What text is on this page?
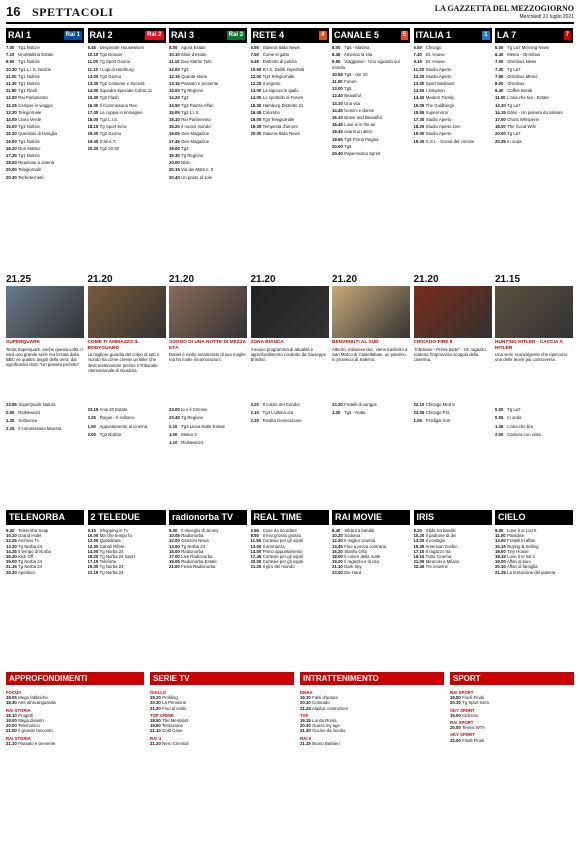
16 SPETTACOLI	LA GAZZETTA DEL MEZZOGIORNO
Mercoledì 21 luglio 2021
RAI 1	Rai 1
7.00 Tg1 Notizie
7.10 UnoMattina Estate
9.50 Tg1 Notizie
10.30 Tg1 L.I.S. Notizie
11.00 Tg1 Notizie
11.30 Tg1 Notizie
11.50 Tg1 Flash
12.00 Rai Parlamento
12.25 Camper in viaggio
13.30 Telegiornale
14.00 Linea Verde
15.00 Tg1 Notizie
15.30 Questioni di famiglia
16.00 Tg1 Notizie
16.20 Don Matteo
17.25 Tg1 Notizie
18.00 Reazione a catena
20.00 Telegiornale
20.30 Techetechetè
21.25
SUPERQUARK
Tenta Superquark, anche questa volta ci sarà uno grande serie rea lizzata dalla BBC ne quattro angoli della terra, dal significativo titolo "Un pianeta perfetto".
23.55 SuperQuark Natura
0.55 RaiNews24
1.25 Sottovoce
2.25 Il commissario Manara
RAI 2	Rai 2
8.45 Desperate Housewives
10.10 Tg2 Dossier
11.00 Tg Sport Giorno
11.10 I Lupi di Hamburg
13.00 Tg2 Giorno
13.30 Tg2 Costume e Società
14.00 Squadra Speciale Cobra 11
15.30 Tg2 Flash
16.00 Il Commissario Rex
17.00 La coppia in immagine
18.00 Tg2 L.I.S.
18.15 Tg Sport Sera
19.00 Tg2 Giorno
19.40 S.W.A.T.
20.30 Tg2 20.30
21.20
COME TI AMMAZZO IL BODYGUARD
La migliore guardia del corpo di tutti il mondo ha come cliente un killer che deve testimoniare presso il Tribunale internazionale di Giustizia.
23.15 Anni 20 Estate
0.25 Rogue - Il solitario
1.50 Appuntamento al cinema
2.00 Tg2 Notizie
RAI 3	Rai 3
8.00 Agorà Estate
10.10 Elisir d'estate
11.10 Dao Martin Tutti
12.00 Tg3
12.15 Quante storie
13.15 Passato e presente
14.00 Tg Regione
14.20 Tg3
14.50 Tg3 Piazza Affari
15.05 Tg3 L.I.S.
15.10 Rai Parlamento
15.20 Il nuovo mondo
16.05 Geo Magazine
17.45 Geo Magazine
19.00 Tg3
19.30 Tg Regione
20.00 Blob
20.15 Via dei Matti n. 0
20.40 Un posto al sole
21.20
SOGNO DI UNA NOTTE DI MEZZA ETÀ
Daniel è molto innamorato di sua moglie ma ha molte innamorazioni.
23.00 Io e il Crimine
23.45 Tg Regione
0.10 Tg3 Linea Notte Estate
1.00 Meteo 3
1.10 RaiNews24
RETE 4	4
6.55 Stasera Italia News
7.50 Come si gatto
9.45 Distretto di polizia
10.50 R.I.S. Delitti imperfetti
12.00 Tg4 Telegiornale
12.25 Il segreto
13.00 La signora in giallo
14.00 Lo sportello di Forum
15.30 Hamburg Distretto 21
16.45 Colombo
19.00 Tg4 Telegiornale
19.35 Tempesta d'amore
20.30 Stasera Italia News
21.20
ZONA BIANCA
Il nuovo programma di attualità e approfondimento condotto da Giuseppe Brindisi.
0.20 Il colore del Condor
2.10 Tg4 L'ultima ora
2.30 Rivolta Generazione
CANALE 5	5
8.00 Tg5 - Mattina
8.45 America la vita
9.55 Viaggiatori - Uno sguardo sul mondo
10.55 Tg5 - ore 10
11.00 Forum
13.00 Tg5
13.40 Beautiful
14.10 Una vita
14.45 Uomini e donne
16.10 Brave and Beautiful
16.45 Love is in the air
18.45 Avanti un altro!
19.55 Tg5 Prima Pagina
20.00 Tg5
20.40 Paperissima Sprint
21.20
BENVENUTI AL SUD
Alberto, milanese doc, viene trasferito a San Marco di Castellabate, un paesino in provincia di Salerno.
23.30 Fratelli di sangue
1.30 Tg5 - Notte
ITALIA 1	1
6.50 Chicago
7.40 Dr. House
9.15 Dr. House
11.20 Studio Aperto
12.25 Studio Aperto
13.00 Sport Mediaset
13.50 I Simpson
14.40 Modern Family
15.05 The Goldbergs
15.55 Supermirror
17.30 Studio Aperto
18.20 Studio Aperto Live
19.00 Studio Aperto
19.30 C.S.I. - Scena del crimine
21.20
CHICAGO FIRE 8
"Infezione - Prima parte" - Un ragazzo scatena l'improvviso scoppio della caserma.
22.10 Chicago Med 5
23.05 Chicago P.D.
1.05 Prodigal Son
LA 7	7
6.00 Tg La7 Morning News
6.40 Meteo - Omnibus
7.00 Omnibus News
7.30 Tg La7
7.55 Omnibus Meteo
8.00 Omnibus
9.40 Coffee Break
11.00 L'aria che tira - Estate
13.30 Tg La7
14.15 Eden - Un pianeta da salvare
17.00 Ghost Whisperer
18.00 The Good Wife
20.00 Tg La7
20.35 In onda
21.15
HUNTING HITLER - CACCIA A HITLER
Una serie sconvolgente che ripercorre una delle teorie più controverse.
0.00 Tg La7
0.55 In onda
1.35 L'aria che tira
2.00 Camera con vista
TELENORBA
9.30 Telenorba Soap
10.20 Grand Hotel
12.25 Archivio Tv
13.30 Tg Norba 24
14.25 Il tempo di Norba
16.30 Kick Off
19.00 Tg Norba 24
21.15 Tg Norba 24
20.30 Aperitivo
2 TELEDUE
9.15 Shopping in Tv
10.00 Ma che tempo fa
12.00 Quotidiana
12.30 Canali Rifare
14.00 Tg Norba 24
15.20 Tg Norba 24 Sport
17.15 Teleforte
19.30 Tg Norba 24
21.15 Tg Norba 24
radionorba TV
9.00 Il risveglio di Jimmy
10.05 Radionorba
12.00 Canzoni News
13.00 Tg Norba 24
15.00 Radionorba
17.00 Live Radionorba
19.05 Radionorba Estate
21.00 Festa Radionorba
REAL TIME
6.55 Cose da ricordare
8.50 Il mio grosso grasso
11.55 Cortesie per gli ospiti
13.00 Il ammazza
14.50 Primo appuntamento
17.45 Cortesie per gli ospiti
20.00 Cortesie per gli ospiti
21.25 Il giro del mondo
RAI MOVIE
8.40 Sfida tra banditi
10.20 Sodoma
12.30 Il miglior cinema
14.45 Fino a prova contraria
16.20 Stanlio Ollio
18.00 Il colore della notte
19.20 Il ragazzo e la vita
21.10 Dark Sky
23.00 Die Hard
IRIS
8.20 Sfida tra banditi
10.20 Il padrone di dei
13.00 Il contagio
15.35 American Gothic
17.10 Il ragazzo tra
19.15 Tutto Cinema
21.00 Miracolo a Milano
22.40 Tre insieme
CIELO
8.00 Love it or List It
11.00 Paradise
13.00 Fratelli in affari
15.15 Buying & Selling
16.00 Tiny House
18.15 Love it or list it
19.00 Affari al buio
20.10 Affari di famiglia
21.25 La tentazione del pianeta
APPROFONDIMENTI
FOCUS
18.05 Mega fabbriche
18.30 Arte all'avanguardia
RAI STORIA
18.10 Progetti
19.00 Mega disastri
20.00 Telemonico
21.00 Il grande racconto
RAI STORIA
21.10 Passato e presente
SERIE TV
GIALLO
19.20 Profiling
20.30 La Pensione
21.20 Fino al solito
TOP CRIME
18.50 The Mentalist
19.50 Tentazione
21.10 Cold Case
RAI 4
21.20 Nero Criminal
INTRATTENIMENTO
DMAX
19.30 Falsi d'autore
20.10 Colorado
21.25 Alaska: costruzioni
TV8
19.15 Lui da Roma
20.30 Guess my age
21.30 Cucine da incubo
RAI 5
21.15 Bruno Barbieri
SPORT
RAI SPORT
18.50 Fiorili Finali
20.30 Tg Sport Sera
SKY SPORT
19.00 Ciclismo
RAI SPORT
20.00 Tennis WTA
SKY SPORT
22.00 Finali Finali
